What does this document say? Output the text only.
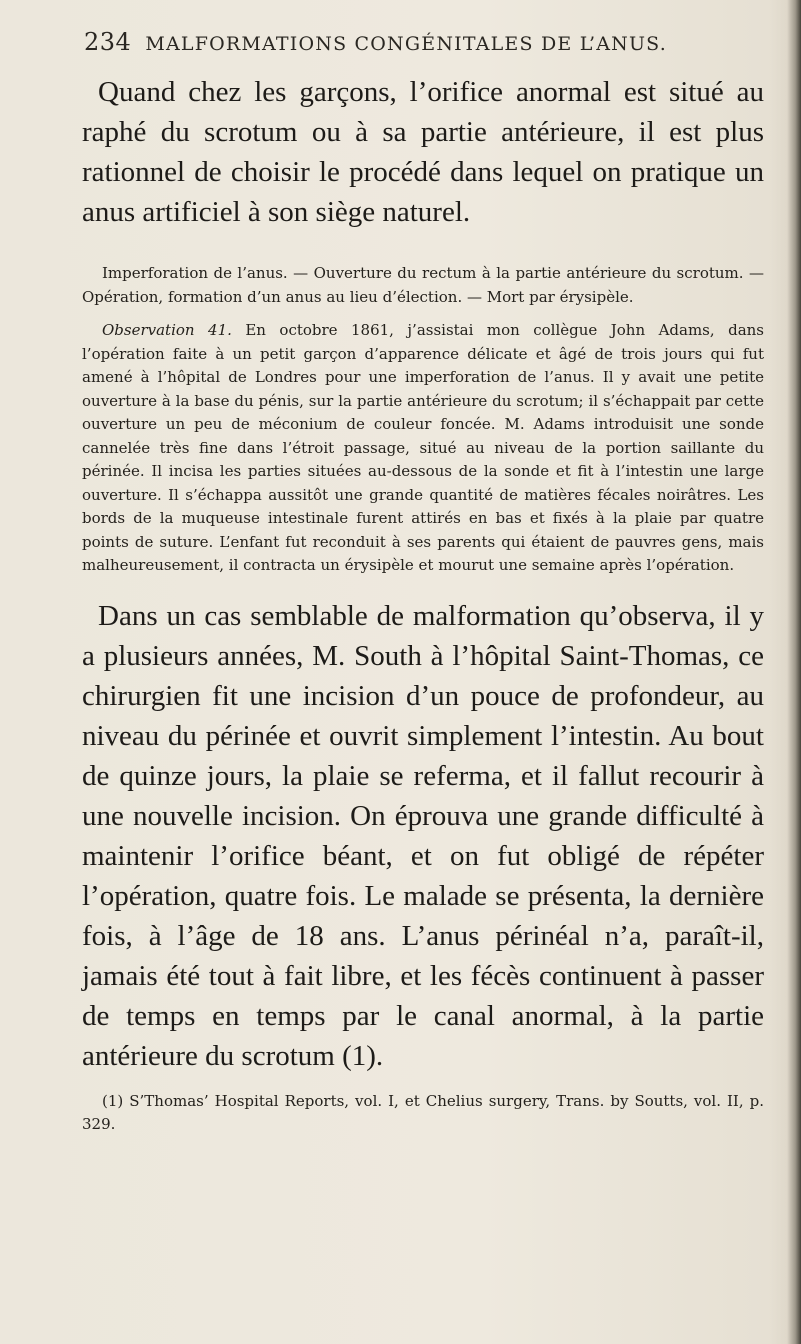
234 MALFORMATIONS CONGÉNITALES DE L’ANUS.

Quand chez les garçons, l’orifice anormal est situé au raphé du scrotum ou à sa partie antérieure, il est plus rationnel de choisir le procédé dans lequel on pratique un anus artificiel à son siège naturel.

Imperforation de l’anus. — Ouverture du rectum à la partie antérieure du scrotum. — Opération, formation d’un anus au lieu d’élection. — Mort par érysipèle.

Observation 41. En octobre 1861, j’assistai mon collègue John Adams, dans l’opération faite à un petit garçon d’apparence délicate et âgé de trois jours qui fut amené à l’hôpital de Londres pour une imperforation de l’anus. Il y avait une petite ouverture à la base du pénis, sur la partie antérieure du scrotum; il s’échappait par cette ouverture un peu de méconium de couleur foncée. M. Adams introduisit une sonde cannelée très fine dans l’étroit passage, situé au niveau de la portion saillante du périnée. Il incisa les parties situées au-dessous de la sonde et fit à l’intestin une large ouverture. Il s’échappa aussitôt une grande quantité de matières fécales noirâtres. Les bords de la muqueuse intestinale furent attirés en bas et fixés à la plaie par quatre points de suture. L’enfant fut reconduit à ses parents qui étaient de pauvres gens, mais malheureusement, il contracta un érysipèle et mourut une semaine après l’opération.

Dans un cas semblable de malformation qu’observa, il y a plusieurs années, M. South à l’hôpital Saint-Thomas, ce chirurgien fit une incision d’un pouce de profondeur, au niveau du périnée et ouvrit simplement l’intestin. Au bout de quinze jours, la plaie se referma, et il fallut recourir à une nouvelle incision. On éprouva une grande difficulté à maintenir l’orifice béant, et on fut obligé de répéter l’opération, quatre fois. Le malade se présenta, la dernière fois, à l’âge de 18 ans. L’anus périnéal n’a, paraît-il, jamais été tout à fait libre, et les fécès continuent à passer de temps en temps par le canal anormal, à la partie antérieure du scrotum (1).

(1) S’Thomas’ Hospital Reports, vol. I, et Chelius surgery, Trans. by Soutts, vol. II, p. 329.
